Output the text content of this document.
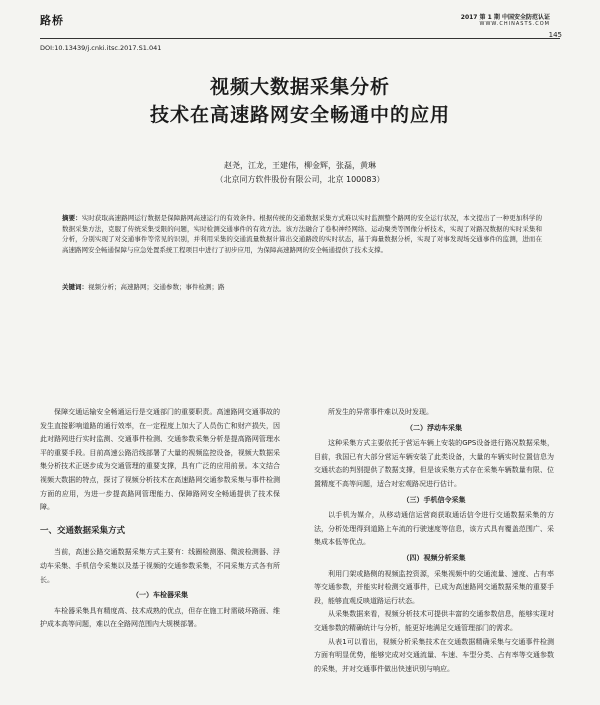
路桥	2017 第 1 期 中国安全防范认证
WWW.CHINASTS.COM
145
DOI:10.13439/j.cnki.itsc.2017.S1.041
视频大数据采集分析
技术在高速路网安全畅通中的应用
赵尧，江龙，王建伟，柳金辉，张磊，黄琳
（北京同方软件股份有限公司，北京 100083）
摘要：实时获取高速路网运行数据是保障路网高速运行的有效条件。根据传统的交通数据采集方式难以实时监测整个路网的安全运行状况，本文提出了一种更加科学的数据采集方法，克服了传统采集受限的问题，实时检测交通事件的有效方法。该方法融合了卷积神经网络、运动聚类等图像分析技术，实现了对路况数据的实时采集和分析，分别实现了对交通事件等常见的识别，并利用采集的交通流量数据计算出交通路段的实时状态，基于海量数据分析，实现了对事发现场交通事件的监测，进而在高速路网安全畅通保障与应急处置系统工程项目中进行了初步应用，为保障高速路网的安全畅通提供了技术支撑。
关键词：视频分析；高速路网；交通参数；事件检测；路

保障交通运输安全畅通运行是交通部门的重要职责。高速路网交通事故的发生直接影响道路的通行效率，在一定程度上加大了人员伤亡和财产损失，因此对路网进行实时监测、交通事件检测、交通参数采集分析是提高路网管理水平的重要手段。目前高速公路沿线部署了大量的视频监控设备，视频大数据采集分析技术正逐步成为交通管理的重要支撑，具有广泛的应用前景。本文结合视频大数据的特点，探讨了视频分析技术在高速路网交通参数采集与事件检测方面的应用，为进一步提高路网管理能力、保障路网安全畅通提供了技术保障。

一、交通数据采集方式

当前，高速公路交通数据采集方式主要有：线圈检测器、微波检测器、浮动车采集、手机信令采集以及基于视频的交通参数采集，不同采集方式各有所长。

（一）车检器采集

车检器采集具有精度高、技术成熟的优点，但存在施工时需破坏路面、维护成本高等问题，难以在全路网范围内大规模部署。

所发生的异常事件难以及时发现。

（二）浮动车采集

这种采集方式主要依托于营运车辆上安装的GPS设备进行路况数据采集，目前，我国已有大部分营运车辆安装了此类设备，大量的车辆实时位置信息为交通状态的判别提供了数据支撑，但是该采集方式存在采集车辆数量有限、位置精度不高等问题，适合对宏观路况进行估计。

（三）手机信令采集

以手机为媒介，从移动通信运营商获取通话信令进行交通数据采集的方法，分析处理得到道路上车流的行驶速度等信息，该方式具有覆盖范围广、采集成本低等优点。

（四）视频分析采集

利用门架或路侧的视频监控资源，采集视频中的交通流量、速度、占有率等交通参数，并能实时检测交通事件，已成为高速路网交通数据采集的重要手段，能够直观反映道路运行状态。

从采集数据来看，视频分析技术可提供丰富的交通参数信息，能够实现对交通参数的精确统计与分析，能更好地满足交通管理部门的需求。

从表1可以看出，视频分析采集技术在交通数据精确采集与交通事件检测方面有明显优势，能够完成对交通流量、车速、车型分类、占有率等交通参数的采集，并对交通事件做出快速识别与响应。
